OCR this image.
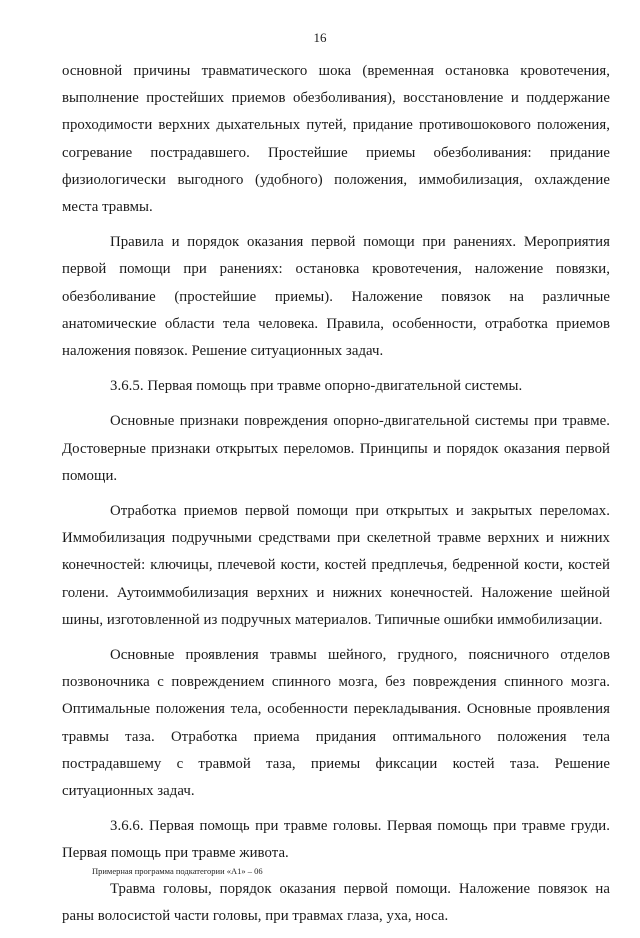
16

основной причины травматического шока (временная остановка кровотечения, выполнение простейших приемов обезболивания), восстановление и поддержание проходимости верхних дыхательных путей, придание противошокового положения, согревание пострадавшего. Простейшие приемы обезболивания: придание физиологически выгодного (удобного) положения, иммобилизация, охлаждение места травмы.

Правила и порядок оказания первой помощи при ранениях. Мероприятия первой помощи при ранениях: остановка кровотечения, наложение повязки, обезболивание (простейшие приемы). Наложение повязок на различные анатомические области тела человека. Правила, особенности, отработка приемов наложения повязок. Решение ситуационных задач.

3.6.5. Первая помощь при травме опорно-двигательной системы.

Основные признаки повреждения опорно-двигательной системы при травме. Достоверные признаки открытых переломов. Принципы и порядок оказания первой помощи.

Отработка приемов первой помощи при открытых и закрытых переломах. Иммобилизация подручными средствами при скелетной травме верхних и нижних конечностей: ключицы, плечевой кости, костей предплечья, бедренной кости, костей голени. Аутоиммобилизация верхних и нижних конечностей. Наложение шейной шины, изготовленной из подручных материалов. Типичные ошибки иммобилизации.

Основные проявления травмы шейного, грудного, поясничного отделов позвоночника с повреждением спинного мозга, без повреждения спинного мозга. Оптимальные положения тела, особенности перекладывания. Основные проявления травмы таза. Отработка приема придания оптимального положения тела пострадавшему с травмой таза, приемы фиксации костей таза. Решение ситуационных задач.

3.6.6. Первая помощь при травме головы. Первая помощь при травме груди. Первая помощь при травме живота.

Травма головы, порядок оказания первой помощи. Наложение повязок на раны волосистой части головы, при травмах глаза, уха, носа.

Примерная программа подкатегории «A1» – 06
